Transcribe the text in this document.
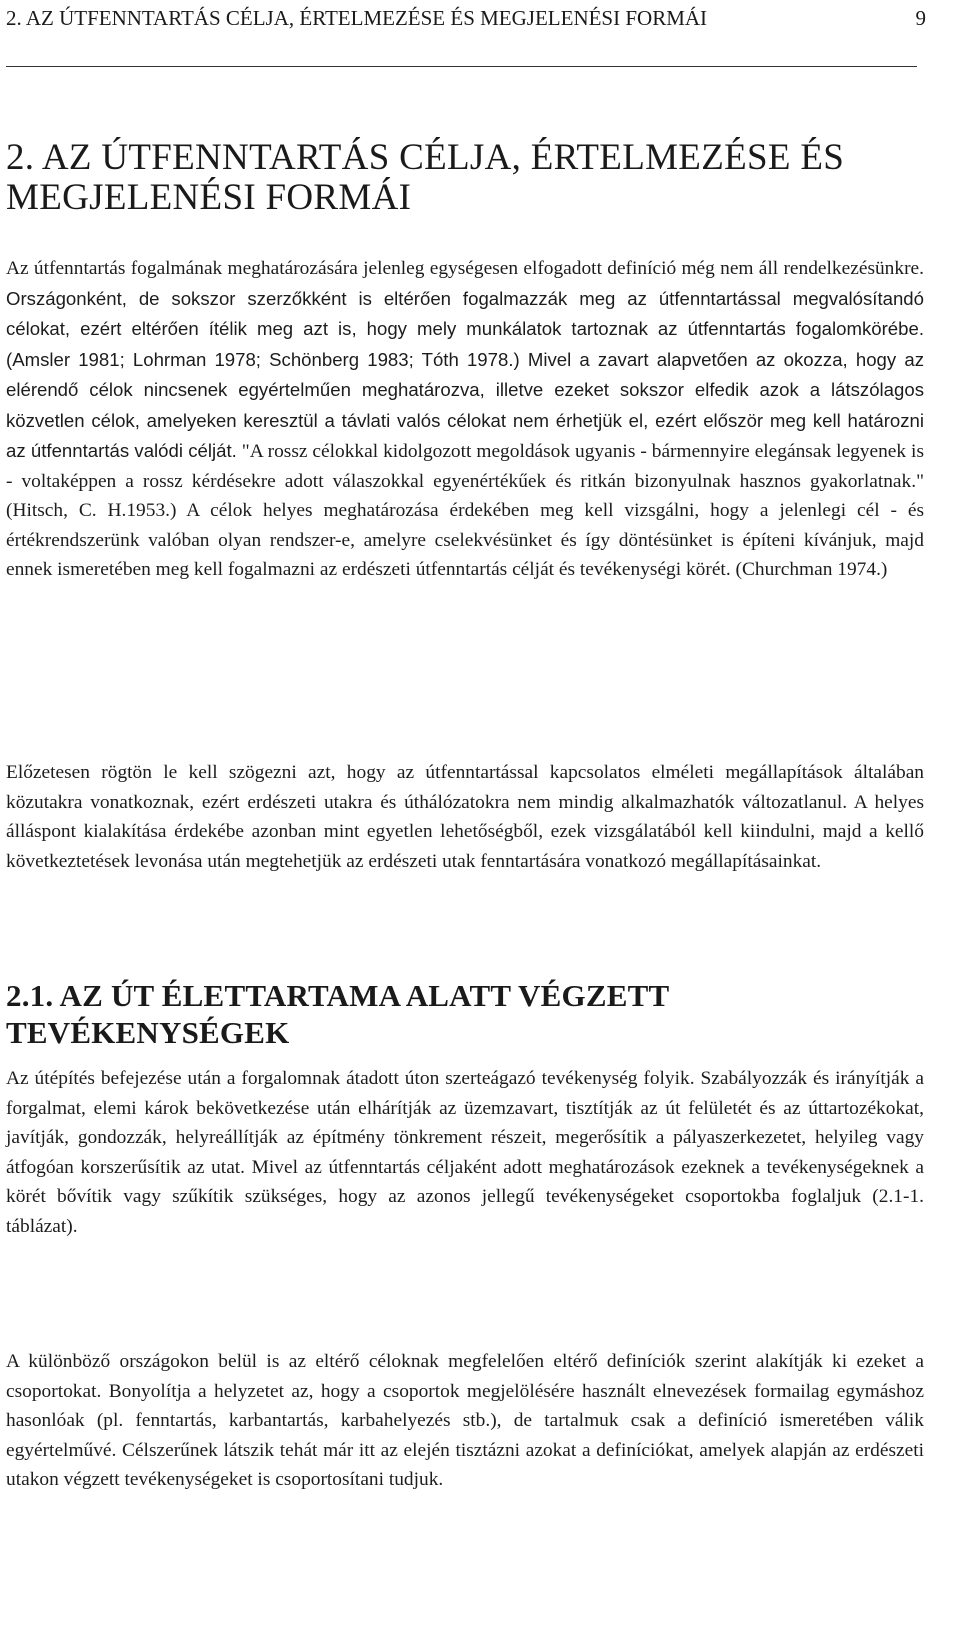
2. AZ ÚTFENNTARTÁS CÉLJA, ÉRTELMEZÉSE ÉS MEGJELENÉSI FORMÁI	9
2. AZ ÚTFENNTARTÁS CÉLJA, ÉRTELMEZÉSE ÉS MEGJELENÉSI FORMÁI

Az útfenntartás fogalmának meghatározására jelenleg egységesen elfogadott definíció még nem áll rendelkezésünkre. Országonként, de sokszor szerzőkként is eltérően fogalmazzák meg az útfenntartással megvalósítandó célokat, ezért eltérően ítélik meg azt is, hogy mely munkálatok tartoznak az útfenntartás fogalomkörébe. (Amsler 1981; Lohrman 1978; Schönberg 1983; Tóth 1978.) Mivel a zavart alapvetően az okozza, hogy az elérendő célok nincsenek egyértelműen meghatározva, illetve ezeket sokszor elfedik azok a látszólagos közvetlen célok, amelyeken keresztül a távlati valós célokat nem érhetjük el, ezért először meg kell határozni az útfenntartás valódi célját. "A rossz célokkal kidolgozott megoldások ugyanis - bármennyire elegánsak legyenek is - voltaképpen a rossz kérdésekre adott válaszokkal egyenértékűek és ritkán bizonyulnak hasznos gyakorlatnak." (Hitsch, C. H.1953.) A célok helyes meghatározása érdekében meg kell vizsgálni, hogy a jelenlegi cél - és értékrendszerünk valóban olyan rendszer-e, amelyre cselekvésünket és így döntésünket is építeni kívánjuk, majd ennek ismeretében meg kell fogalmazni az erdészeti útfenntartás célját és tevékenységi körét. (Churchman 1974.)

Előzetesen rögtön le kell szögezni azt, hogy az útfenntartással kapcsolatos elméleti megállapítások általában közutakra vonatkoznak, ezért erdészeti utakra és úthálózatokra nem mindig alkalmazhatók változatlanul. A helyes álláspont kialakítása érdekébe azonban mint egyetlen lehetőségből, ezek vizsgálatából kell kiindulni, majd a kellő következtetések levonása után megtehetjük az erdészeti utak fenntartására vonatkozó megállapításainkat.

2.1. AZ ÚT ÉLETTARTAMA ALATT VÉGZETT TEVÉKENYSÉGEK

Az útépítés befejezése után a forgalomnak átadott úton szerteágazó tevékenység folyik. Szabályozzák és irányítják a forgalmat, elemi károk bekövetkezése után elhárítják az üzemzavart, tisztítják az út felületét és az úttartozékokat, javítják, gondozzák, helyreállítják az építmény tönkrement részeit, megerősítik a pályaszerkezetet, helyileg vagy átfogóan korszerűsítik az utat. Mivel az útfenntartás céljaként adott meghatározások ezeknek a tevékenységeknek a körét bővítik vagy szűkítik szükséges, hogy az azonos jellegű tevékenységeket csoportokba foglaljuk (2.1-1. táblázat).

A különböző országokon belül is az eltérő céloknak megfelelően eltérő definíciók szerint alakítják ki ezeket a csoportokat. Bonyolítja a helyzetet az, hogy a csoportok megjelölésére használt elnevezések formailag egymáshoz hasonlóak (pl. fenntartás, karbantartás, karbahelyezés stb.), de tartalmuk csak a definíció ismeretében válik egyértelművé. Célszerűnek látszik tehát már itt az elején tisztázni azokat a definíciókat, amelyek alapján az erdészeti utakon végzett tevékenységeket is csoportosítani tudjuk.
